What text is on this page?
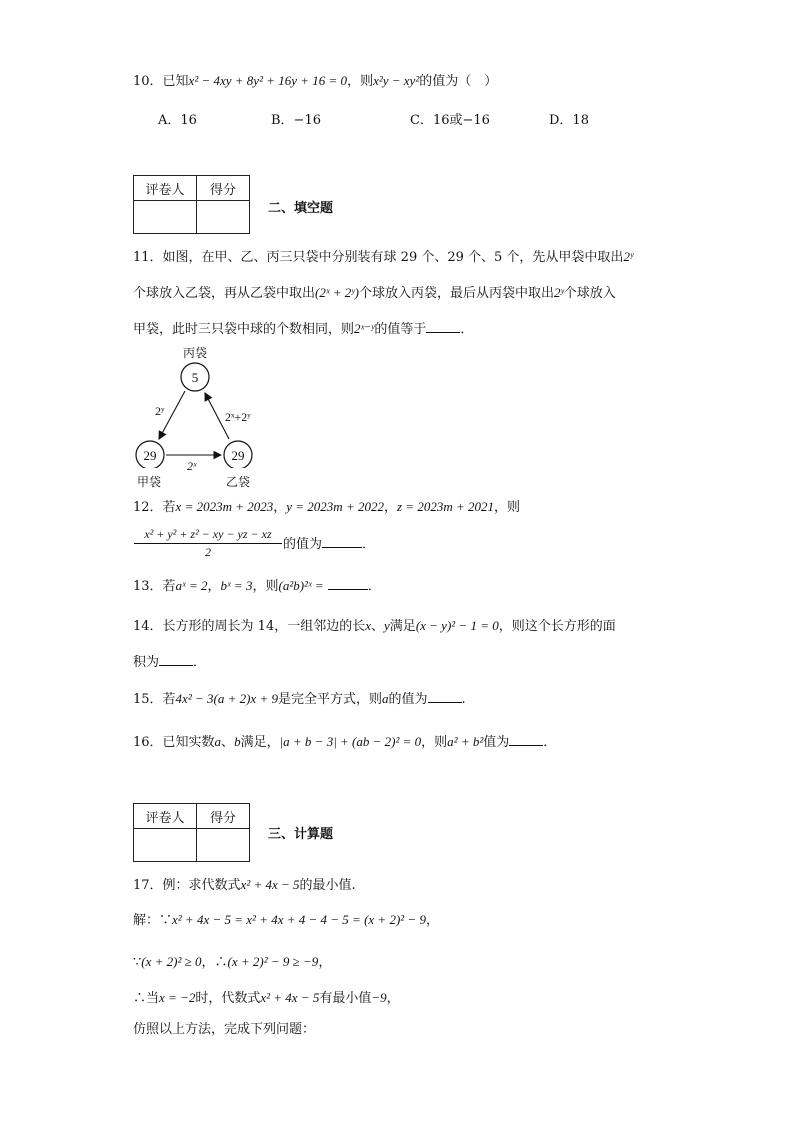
10．已知x² − 4xy + 8y² + 16y + 16 = 0，则x²y − xy²的值为（　）
A．16	B．−16	C．16或−16	D．18
评卷人	得分

二、填空题
11．如图，在甲、乙、丙三只袋中分别装有球 29 个、29 个、5 个，先从甲袋中取出2ʸ
个球放入乙袋，再从乙袋中取出(2ˣ + 2ʸ)个球放入丙袋，最后从丙袋中取出2ʸ个球放入
甲袋，此时三只袋中球的个数相同，则2ˣ⁻ʸ的值等于	．
丙袋
5
29	29
2ʸ	2ˣ+2ʸ
2ˣ
甲袋	乙袋
12．若x = 2023m + 2023，y = 2023m + 2022，z = 2023m + 2021，则
$\frac{\text{x² + y² + z² − xy − yz − xz}}{2}$ 的值为	．
13．若aˣ = 2，bˣ = 3，则(a²b)²ˣ =	．
14．长方形的周长为 14，一组邻边的长x、y满足(x − y)² − 1 = 0，则这个长方形的面
积为	．
15．若4x² − 3(a + 2)x + 9是完全平方式，则a的值为	.
16．已知实数a、b满足，|a + b − 3| + (ab − 2)² = 0，则a² + b²值为	．
评卷人	得分

三、计算题
17．例：求代数式x² + 4x − 5的最小值.
解：∵x² + 4x − 5 = x² + 4x + 4 − 4 − 5 = (x + 2)² − 9，
∵(x + 2)² ≥ 0，∴(x + 2)² − 9 ≥ −9，
∴当x = −2时，代数式x² + 4x − 5有最小值−9，
仿照以上方法，完成下列问题：
